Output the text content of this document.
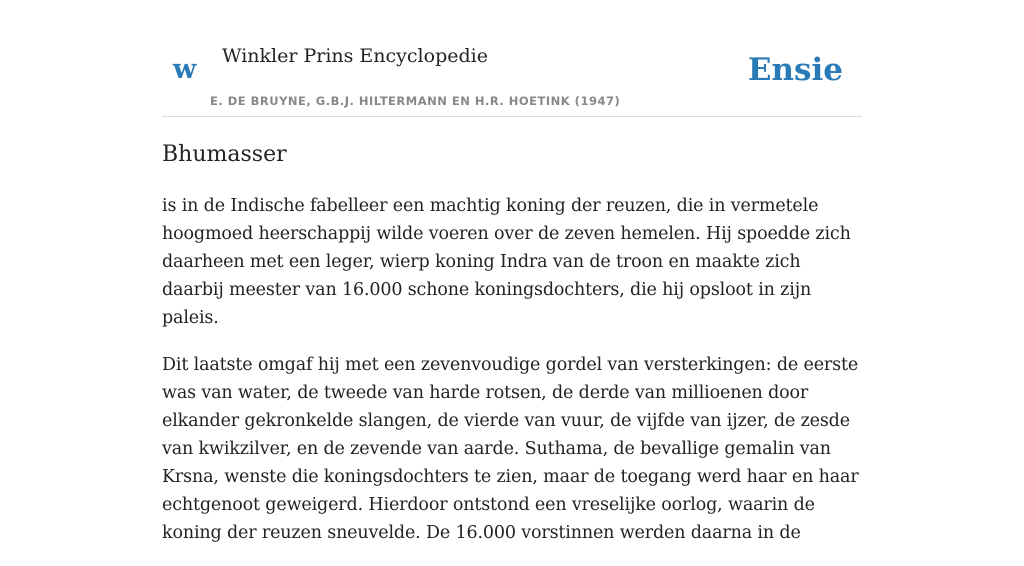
w Winkler Prins Encyclopedie
E. DE BRUYNE, G.B.J. HILTERMANN EN H.R. HOETINK (1947)
Ensie
Bhumasser

is in de Indische fabelleer een machtig koning der reuzen, die in vermetele hoogmoed heerschappij wilde voeren over de zeven hemelen. Hij spoedde zich daarheen met een leger, wierp koning Indra van de troon en maakte zich daarbij meester van 16.000 schone koningsdochters, die hij opsloot in zijn paleis.

Dit laatste omgaf hij met een zevenvoudige gordel van versterkingen: de eerste was van water, de tweede van harde rotsen, de derde van millioenen door elkander gekronkelde slangen, de vierde van vuur, de vijfde van ijzer, de zesde van kwikzilver, en de zevende van aarde. Suthama, de bevallige gemalin van Krsna, wenste die koningsdochters te zien, maar de toegang werd haar en haar echtgenoot geweigerd. Hierdoor ontstond een vreselijke oorlog, waarin de koning der reuzen sneuvelde. De 16.000 vorstinnen werden daarna in de
